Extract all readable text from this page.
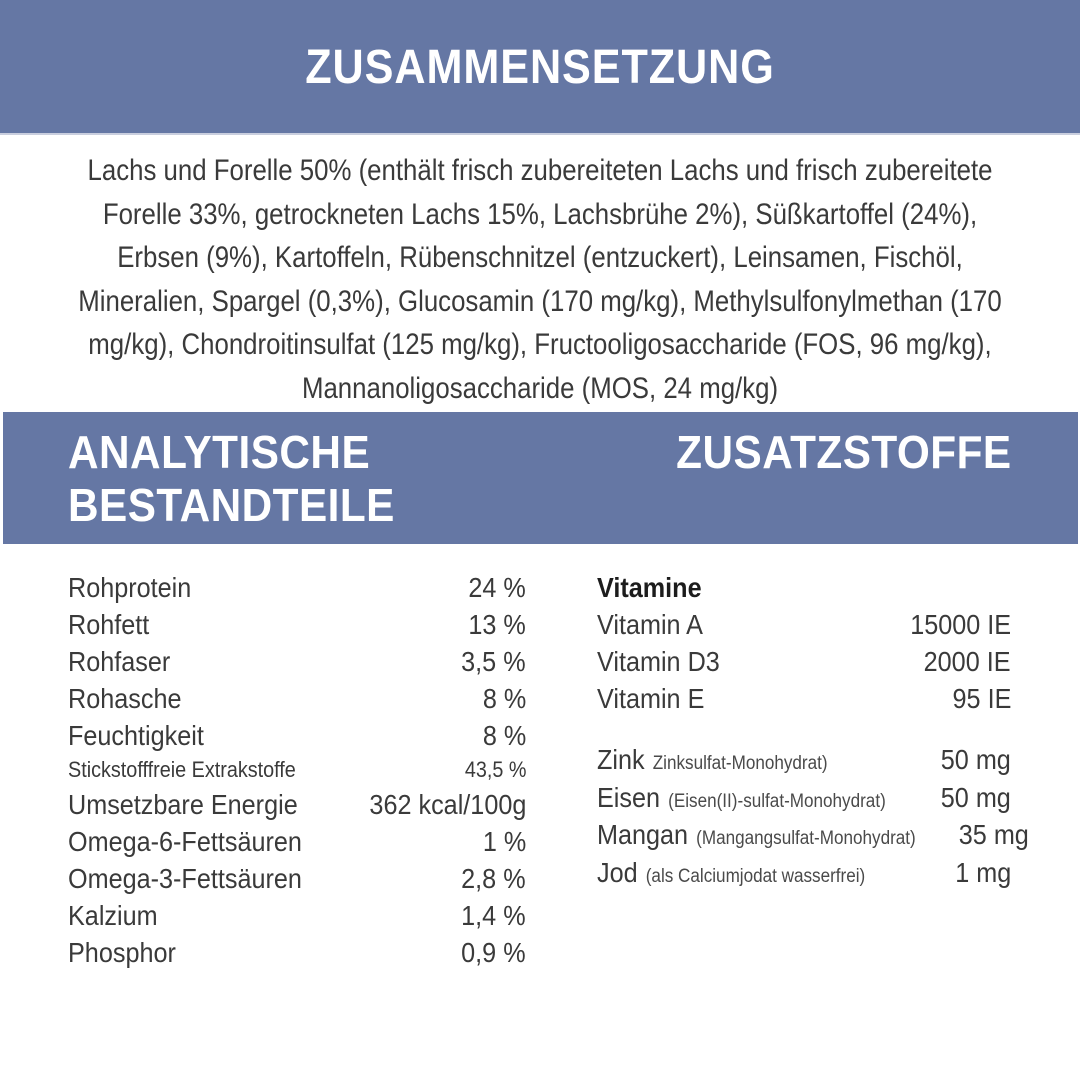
ZUSAMMENSETZUNG
Lachs und Forelle 50% (enthält frisch zubereiteten Lachs und frisch zubereitete
Forelle 33%, getrockneten Lachs 15%, Lachsbrühe 2%), Süßkartoffel (24%),
Erbsen (9%), Kartoffeln, Rübenschnitzel (entzuckert), Leinsamen, Fischöl,
Mineralien, Spargel (0,3%), Glucosamin (170 mg/kg), Methylsulfonylmethan (170
mg/kg), Chondroitinsulfat (125 mg/kg), Fructooligosaccharide (FOS, 96 mg/kg),
Mannanoligosaccharide (MOS, 24 mg/kg)
ANALYTISCHE
BESTANDTEILE
ZUSATZSTOFFE
Rohprotein	24 %
Rohfett	13 %
Rohfaser	3,5 %
Rohasche	8 %
Feuchtigkeit	8 %
Stickstofffreie Extrakstoffe	43,5 %
Umsetzbare Energie	362 kcal/100g
Omega-6-Fettsäuren	1 %
Omega-3-Fettsäuren	2,8 %
Kalzium	1,4 %
Phosphor	0,9 %
Vitamine
Vitamin A	15000 IE
Vitamin D3	2000 IE
Vitamin E	95 IE
Zink Zinksulfat-Monohydrat)	50 mg
Eisen (Eisen(II)-sulfat-Monohydrat) 50 mg
Mangan (Mangangsulfat-Monohydrat) 35 mg
Jod (als Calciumjodat wasserfrei)	1 mg
